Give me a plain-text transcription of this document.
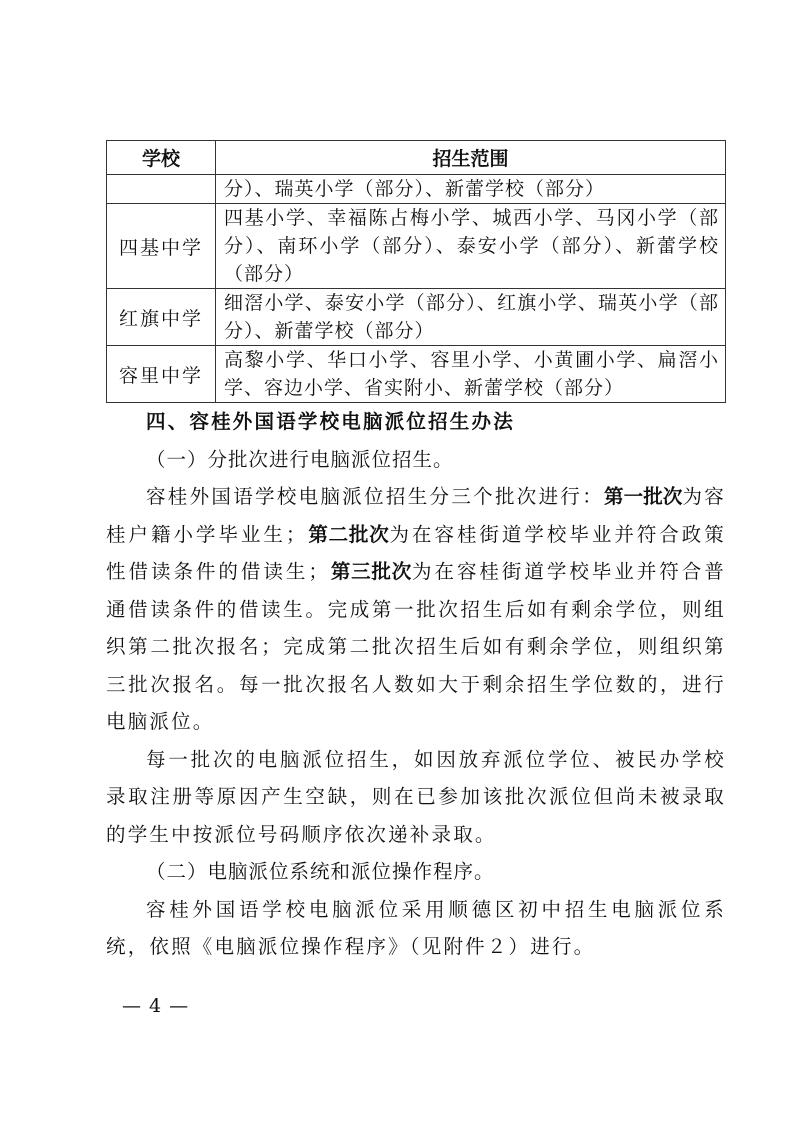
学校	招生范围
	分）、瑞英小学（部分）、新蕾学校（部分）
四基中学	四基小学、幸福陈占梅小学、城西小学、马冈小学（部分）、南环小学（部分）、泰安小学（部分）、新蕾学校（部分）
红旗中学	细滘小学、泰安小学（部分）、红旗小学、瑞英小学（部分）、新蕾学校（部分）
容里中学	高黎小学、华口小学、容里小学、小黄圃小学、扁滘小学、容边小学、省实附小、新蕾学校（部分）

四、容桂外国语学校电脑派位招生办法

（一）分批次进行电脑派位招生。

容桂外国语学校电脑派位招生分三个批次进行：第一批次为容桂户籍小学毕业生；第二批次为在容桂街道学校毕业并符合政策性借读条件的借读生；第三批次为在容桂街道学校毕业并符合普通借读条件的借读生。完成第一批次招生后如有剩余学位，则组织第二批次报名；完成第二批次招生后如有剩余学位，则组织第三批次报名。每一批次报名人数如大于剩余招生学位数的，进行电脑派位。

每一批次的电脑派位招生，如因放弃派位学位、被民办学校录取注册等原因产生空缺，则在已参加该批次派位但尚未被录取的学生中按派位号码顺序依次递补录取。

（二）电脑派位系统和派位操作程序。

容桂外国语学校电脑派位采用顺德区初中招生电脑派位系统，依照《电脑派位操作程序》（见附件２）进行。

— 4 —
